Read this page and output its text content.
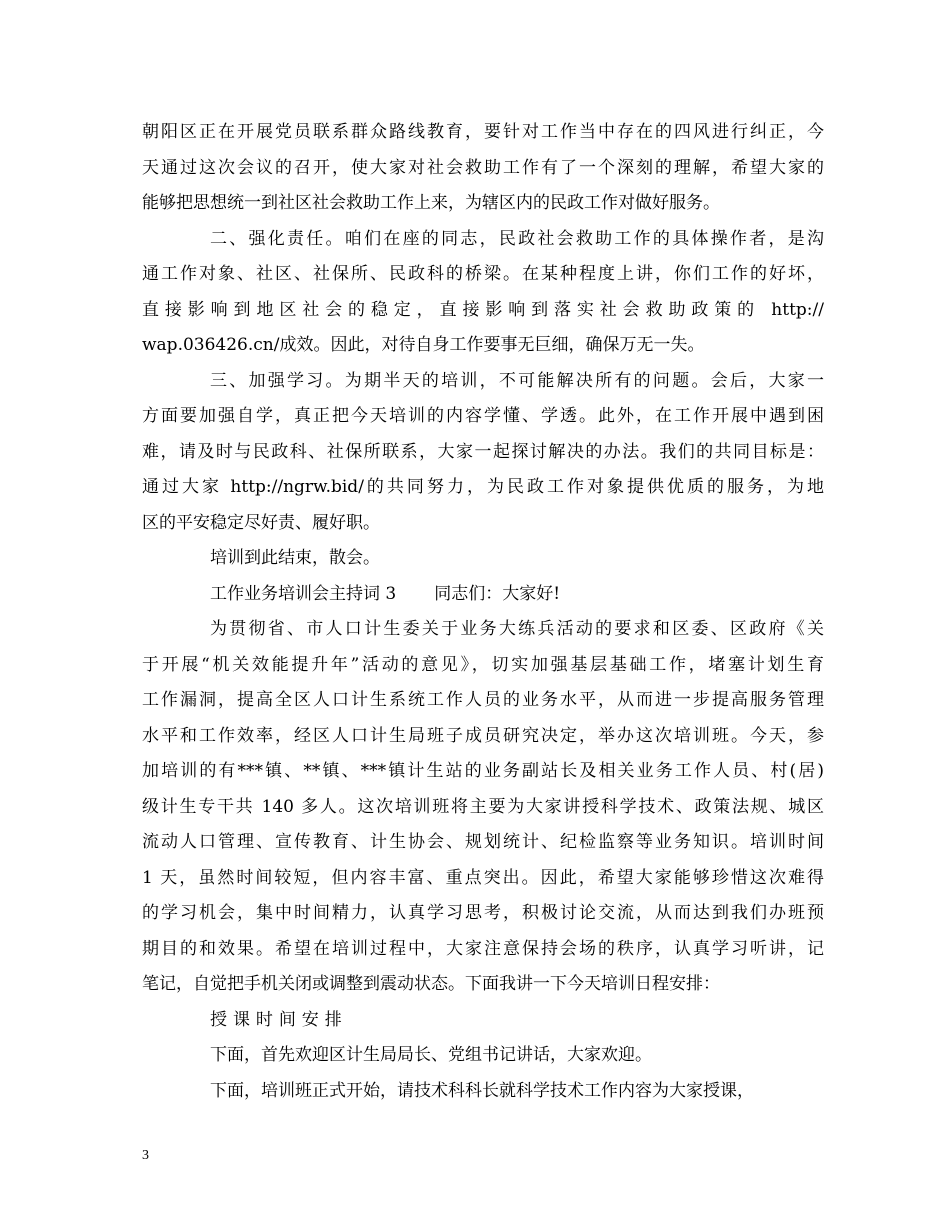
朝阳区正在开展党员联系群众路线教育，要针对工作当中存在的四风进行纠正，今
天通过这次会议的召开，使大家对社会救助工作有了一个深刻的理解，希望大家的
能够把思想统一到社区社会救助工作上来，为辖区内的民政工作对做好服务。
二、强化责任。咱们在座的同志，民政社会救助工作的具体操作者，是沟
通工作对象、社区、社保所、民政科的桥梁。在某种程度上讲，你们工作的好坏，
直接影响到地区社会的稳定，直接影响到落实社会救助政策的 http://
wap.036426.cn/成效。因此，对待自身工作要事无巨细，确保万无一失。
三、加强学习。为期半天的培训，不可能解决所有的问题。会后，大家一
方面要加强自学，真正把今天培训的内容学懂、学透。此外，在工作开展中遇到困
难，请及时与民政科、社保所联系，大家一起探讨解决的办法。我们的共同目标是：
通过大家 http://ngrw.bid/的共同努力，为民政工作对象提供优质的服务，为地
区的平安稳定尽好责、履好职。
培训到此结束，散会。
工作业务培训会主持词 3 同志们：大家好!
为贯彻省、市人口计生委关于业务大练兵活动的要求和区委、区政府《关
于开展“机关效能提升年”活动的意见》，切实加强基层基础工作，堵塞计划生育
工作漏洞，提高全区人口计生系统工作人员的业务水平，从而进一步提高服务管理
水平和工作效率，经区人口计生局班子成员研究决定，举办这次培训班。今天，参
加培训的有***镇、**镇、***镇计生站的业务副站长及相关业务工作人员、村(居)
级计生专干共 140 多人。这次培训班将主要为大家讲授科学技术、政策法规、城区
流动人口管理、宣传教育、计生协会、规划统计、纪检监察等业务知识。培训时间
1 天，虽然时间较短，但内容丰富、重点突出。因此，希望大家能够珍惜这次难得
的学习机会，集中时间精力，认真学习思考，积极讨论交流，从而达到我们办班预
期目的和效果。希望在培训过程中，大家注意保持会场的秩序，认真学习听讲，记
笔记，自觉把手机关闭或调整到震动状态。下面我讲一下今天培训日程安排：
授课时间安排
下面，首先欢迎区计生局局长、党组书记讲话，大家欢迎。
下面，培训班正式开始，请技术科科长就科学技术工作内容为大家授课，
3
